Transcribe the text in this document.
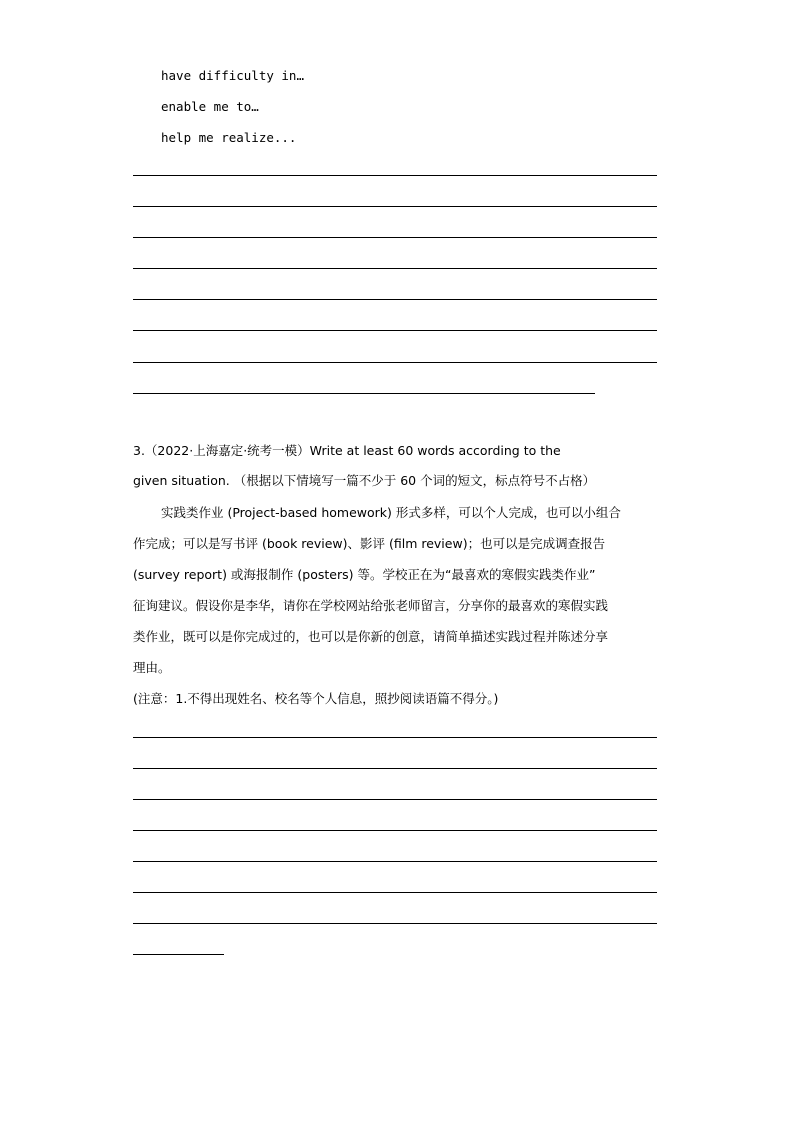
have difficulty in…
enable me to…
help me realize...
3.（2022·上海嘉定·统考一模）Write at least 60 words according to the
given situation. （根据以下情境写一篇不少于 60 个词的短文，标点符号不占格）
实践类作业 (Project-based homework) 形式多样，可以个人完成，也可以小组合
作完成；可以是写书评 (book review)、影评 (film review)；也可以是完成调查报告
(survey report) 或海报制作 (posters) 等。学校正在为“最喜欢的寒假实践类作业”
征询建议。假设你是李华，请你在学校网站给张老师留言，分享你的最喜欢的寒假实践
类作业，既可以是你完成过的，也可以是你新的创意，请简单描述实践过程并陈述分享
理由。
(注意：1.不得出现姓名、校名等个人信息，照抄阅读语篇不得分。)
